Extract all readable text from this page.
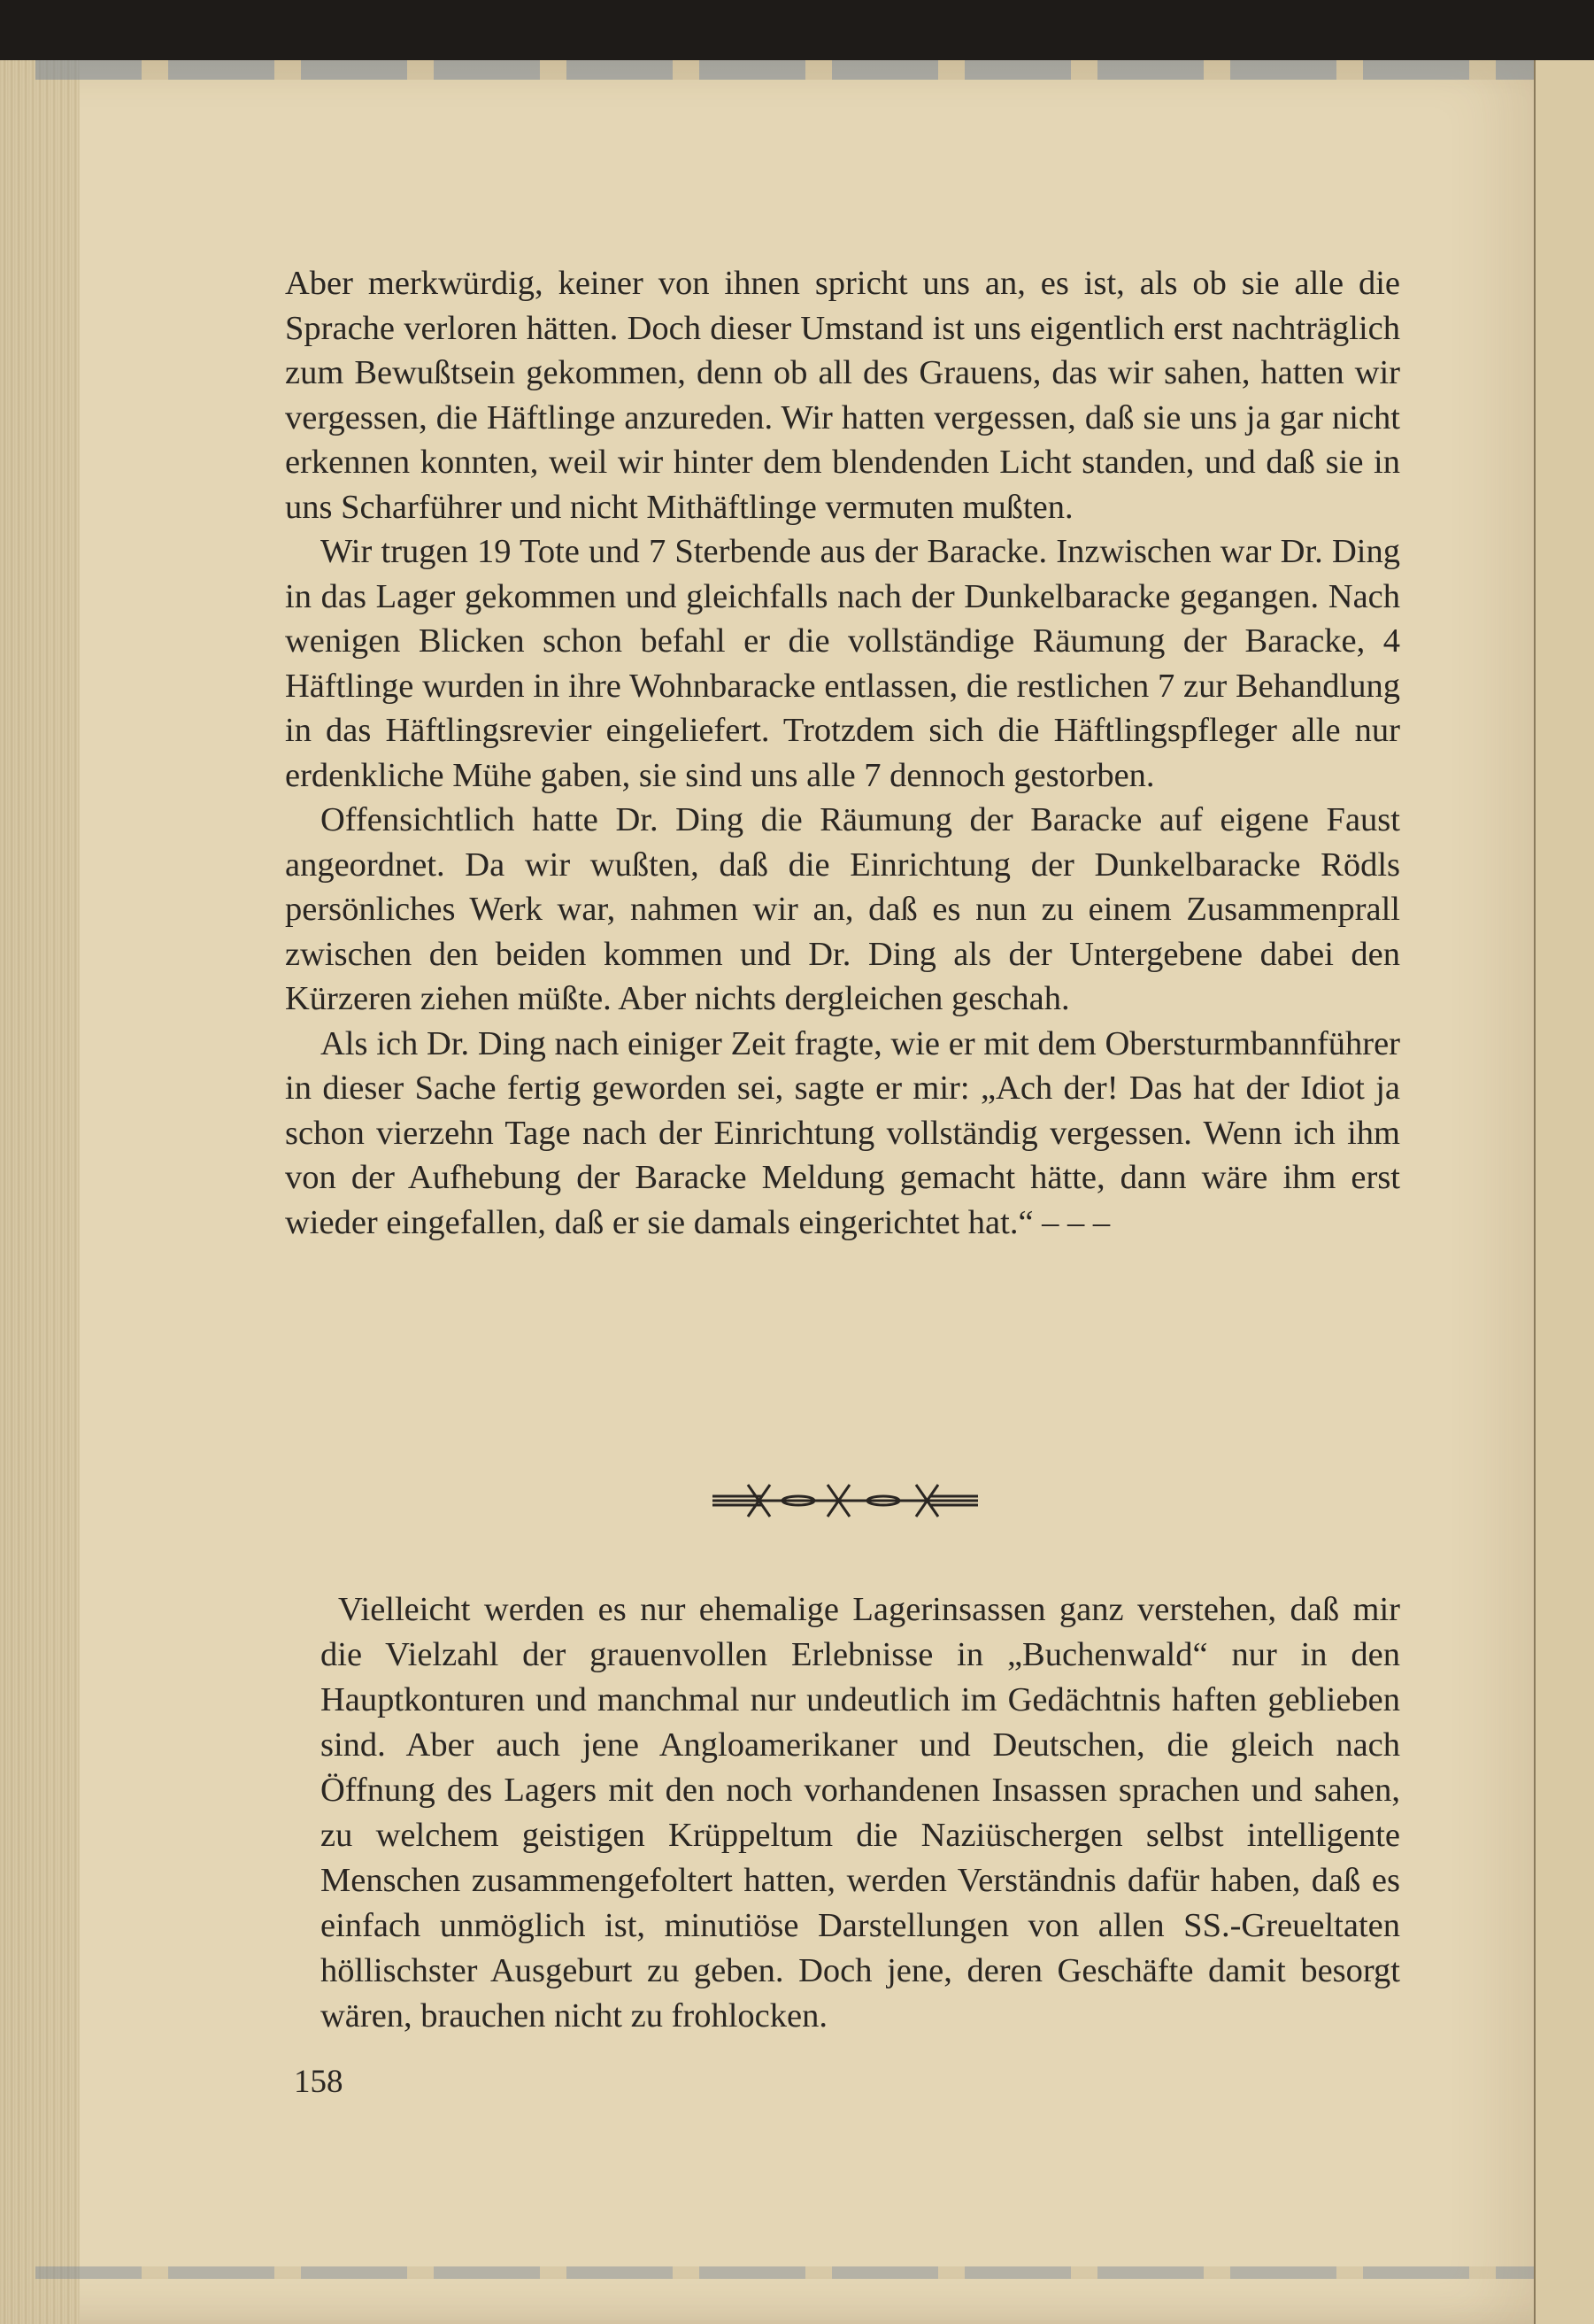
Aber merkwürdig, keiner von ihnen spricht uns an, es ist, als ob sie alle die Sprache verloren hätten. Doch dieser Umstand ist uns eigentlich erst nachträglich zum Bewußtsein gekommen, denn ob all des Grauens, das wir sahen, hatten wir vergessen, die Häftlinge anzureden. Wir hatten vergessen, daß sie uns ja gar nicht erkennen konnten, weil wir hinter dem blendenden Licht standen, und daß sie in uns Scharführer und nicht Mithäftlinge vermuten mußten.

Wir trugen 19 Tote und 7 Sterbende aus der Baracke. Inzwischen war Dr. Ding in das Lager gekommen und gleichfalls nach der Dunkelbaracke gegangen. Nach wenigen Blicken schon befahl er die vollständige Räumung der Baracke, 4 Häftlinge wurden in ihre Wohnbaracke entlassen, die restlichen 7 zur Behandlung in das Häftlingsrevier eingeliefert. Trotzdem sich die Häftlingspfleger alle nur erdenkliche Mühe gaben, sie sind uns alle 7 dennoch gestorben.

Offensichtlich hatte Dr. Ding die Räumung der Baracke auf eigene Faust angeordnet. Da wir wußten, daß die Einrichtung der Dunkelbaracke Rödls persönliches Werk war, nahmen wir an, daß es nun zu einem Zusammenprall zwischen den beiden kommen und Dr. Ding als der Untergebene dabei den Kürzeren ziehen müßte. Aber nichts dergleichen geschah.

Als ich Dr. Ding nach einiger Zeit fragte, wie er mit dem Obersturmbannführer in dieser Sache fertig geworden sei, sagte er mir: „Ach der! Das hat der Idiot ja schon vierzehn Tage nach der Einrichtung vollständig vergessen. Wenn ich ihm von der Aufhebung der Baracke Meldung gemacht hätte, dann wäre ihm erst wieder eingefallen, daß er sie damals eingerichtet hat.“ – – –

Vielleicht werden es nur ehemalige Lagerinsassen ganz verstehen, daß mir die Vielzahl der grauenvollen Erlebnisse in „Buchenwald“ nur in den Hauptkonturen und manchmal nur undeutlich im Gedächtnis haften geblieben sind. Aber auch jene Angloamerikaner und Deutschen, die gleich nach Öffnung des Lagers mit den noch vorhandenen Insassen sprachen und sahen, zu welchem geistigen Krüppeltum die Naziüschergen selbst intelligente Menschen zusammengefoltert hatten, werden Verständnis dafür haben, daß es einfach unmöglich ist, minutiöse Darstellungen von allen SS.-Greueltaten höllischster Ausgeburt zu geben. Doch jene, deren Geschäfte damit besorgt wären, brauchen nicht zu frohlocken.

158
